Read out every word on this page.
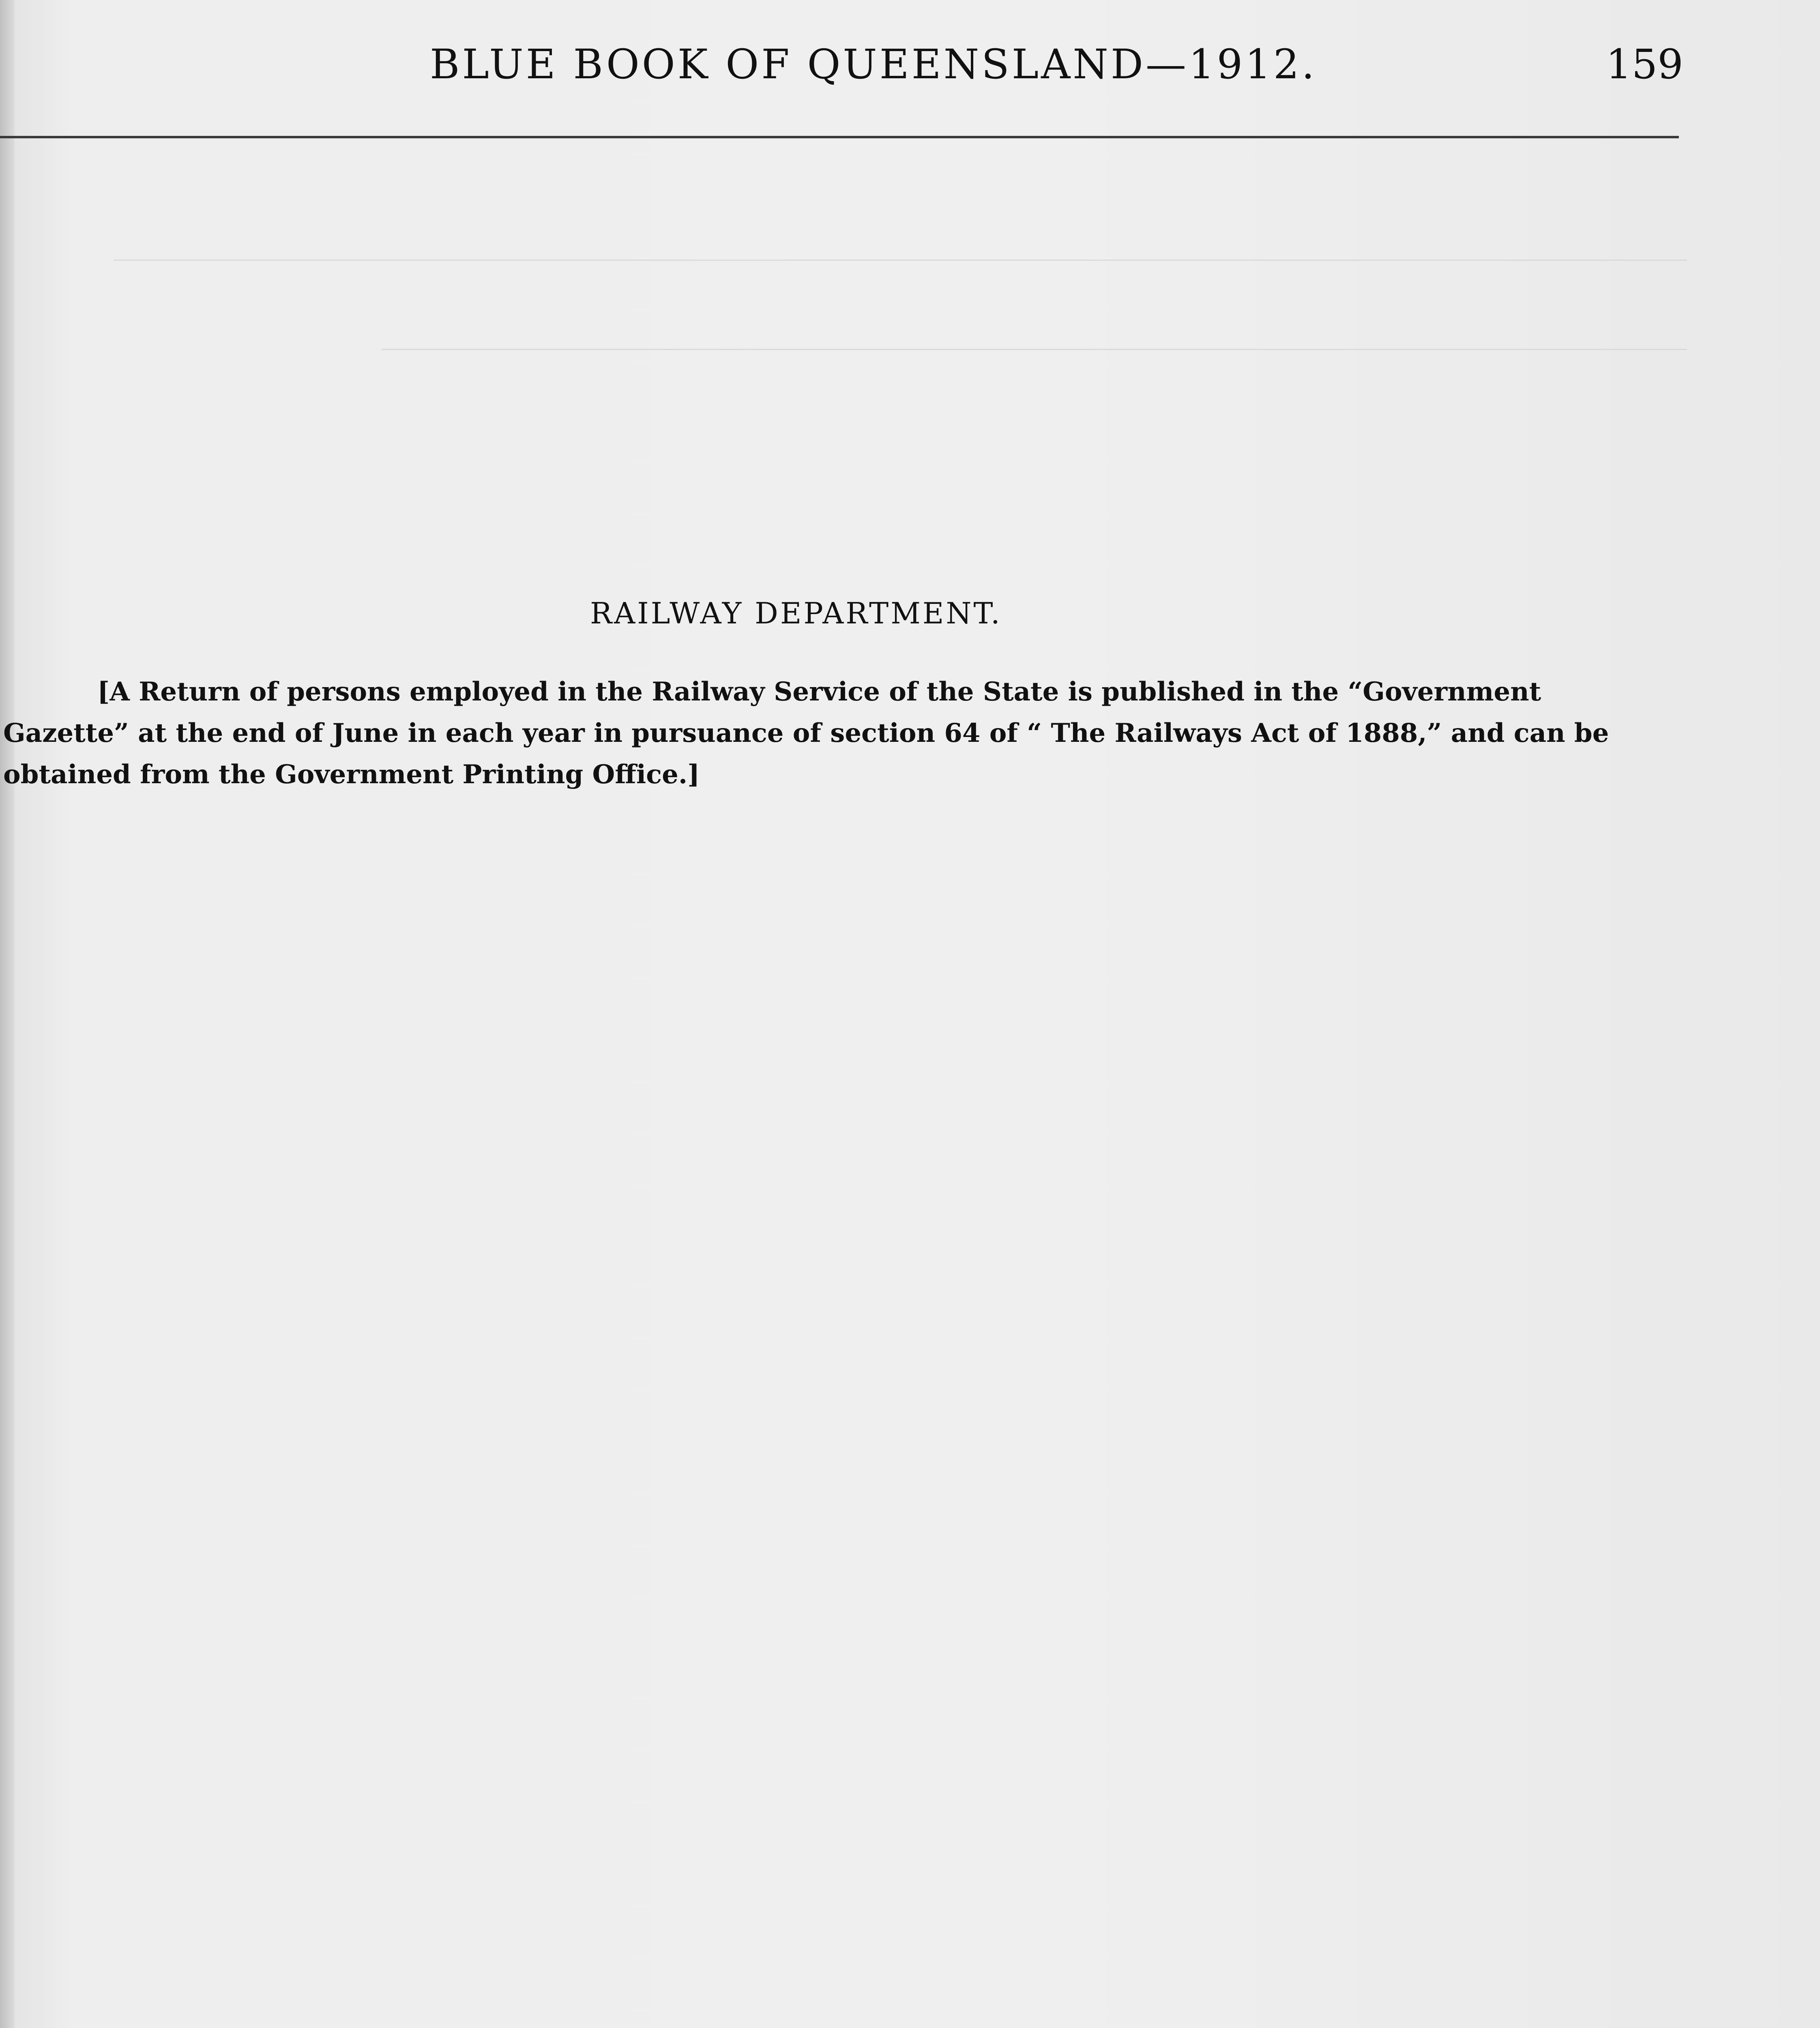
BLUE BOOK OF QUEENSLAND—1912.	159
RAILWAY DEPARTMENT.
[A Return of persons employed in the Railway Service of the State is published in the “Government
Gazette” at the end of June in each year in pursuance of section 64 of “ The Railways Act of 1888,” and can be
obtained from the Government Printing Office.]
